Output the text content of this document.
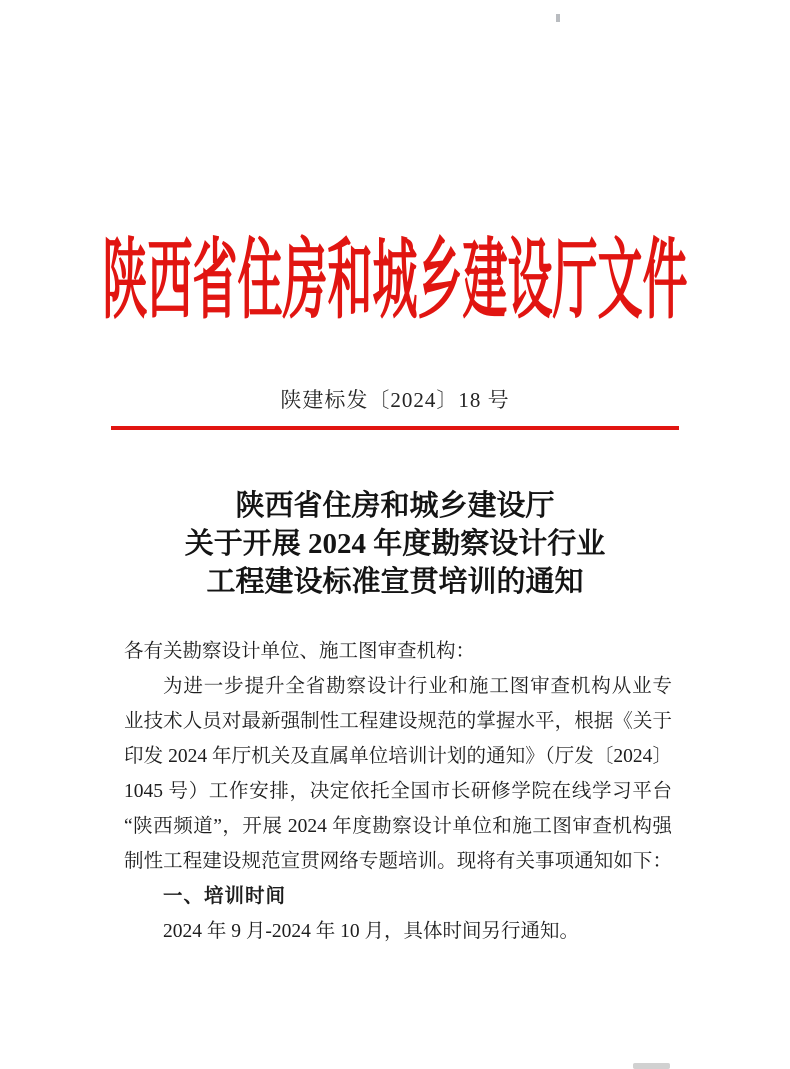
陕西省住房和城乡建设厅文件
陕建标发〔2024〕18 号
陕西省住房和城乡建设厅
关于开展 2024 年度勘察设计行业
工程建设标准宣贯培训的通知
各有关勘察设计单位、施工图审查机构：
为进一步提升全省勘察设计行业和施工图审查机构从业专
业技术人员对最新强制性工程建设规范的掌握水平，根据《关于
印发 2024 年厅机关及直属单位培训计划的通知》（厅发〔2024〕
1045 号）工作安排，决定依托全国市长研修学院在线学习平台
“陕西频道”，开展 2024 年度勘察设计单位和施工图审查机构强
制性工程建设规范宣贯网络专题培训。现将有关事项通知如下：
一、培训时间
2024 年 9 月-2024 年 10 月，具体时间另行通知。
